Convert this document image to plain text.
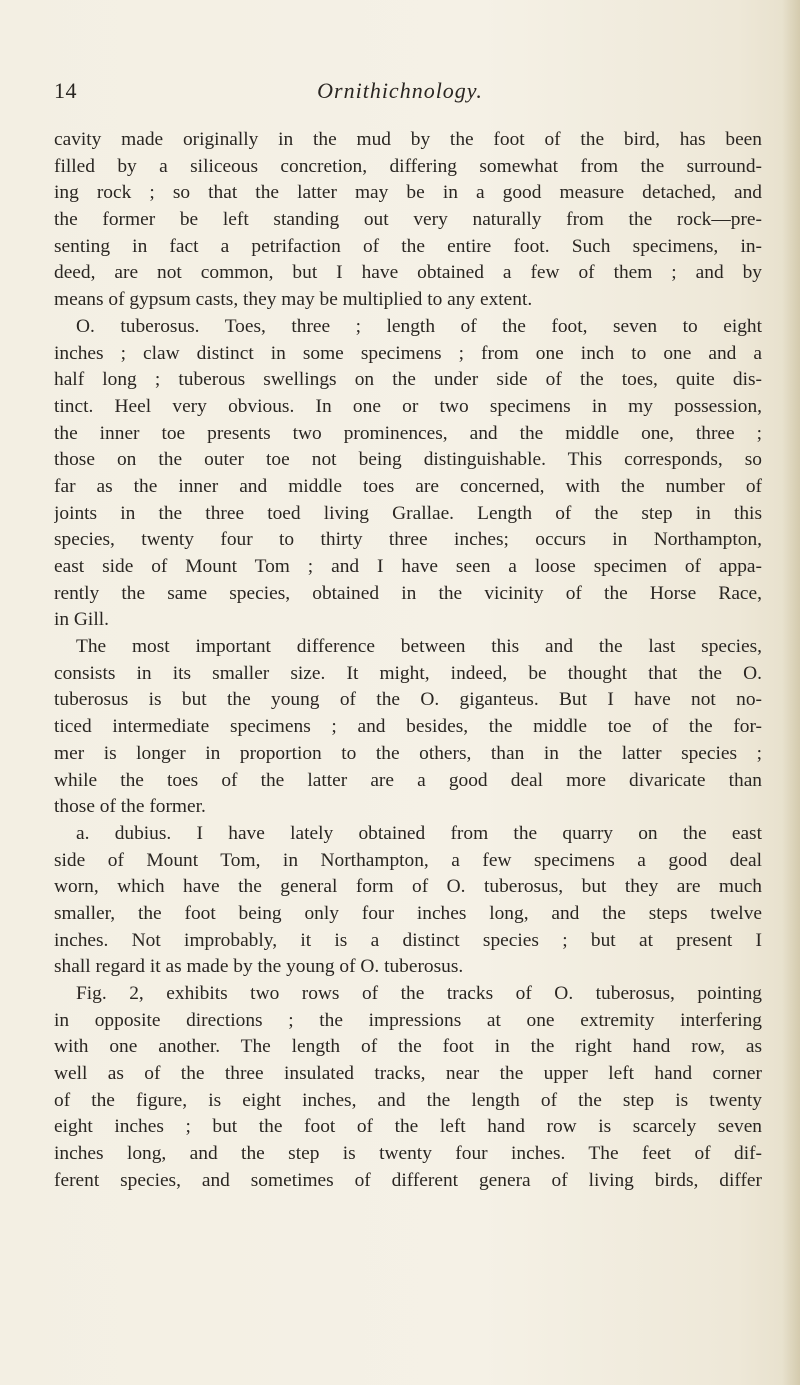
14	Ornithichnology.
cavity made originally in the mud by the foot of the bird, has been
filled by a siliceous concretion, differing somewhat from the surround-
ing rock ; so that the latter may be in a good measure detached, and
the former be left standing out very naturally from the rock—pre-
senting in fact a petrifaction of the entire foot. Such specimens, in-
deed, are not common, but I have obtained a few of them ; and by
means of gypsum casts, they may be multiplied to any extent.
O. tuberosus. Toes, three ; length of the foot, seven to eight
inches ; claw distinct in some specimens ; from one inch to one and a
half long ; tuberous swellings on the under side of the toes, quite dis-
tinct. Heel very obvious. In one or two specimens in my possession,
the inner toe presents two prominences, and the middle one, three ;
those on the outer toe not being distinguishable. This corresponds, so
far as the inner and middle toes are concerned, with the number of
joints in the three toed living Grallae. Length of the step in this
species, twenty four to thirty three inches; occurs in Northampton,
east side of Mount Tom ; and I have seen a loose specimen of appa-
rently the same species, obtained in the vicinity of the Horse Race,
in Gill.
The most important difference between this and the last species,
consists in its smaller size. It might, indeed, be thought that the O.
tuberosus is but the young of the O. giganteus. But I have not no-
ticed intermediate specimens ; and besides, the middle toe of the for-
mer is longer in proportion to the others, than in the latter species ;
while the toes of the latter are a good deal more divaricate than
those of the former.
a. dubius. I have lately obtained from the quarry on the east
side of Mount Tom, in Northampton, a few specimens a good deal
worn, which have the general form of O. tuberosus, but they are much
smaller, the foot being only four inches long, and the steps twelve
inches. Not improbably, it is a distinct species ; but at present I
shall regard it as made by the young of O. tuberosus.
Fig. 2, exhibits two rows of the tracks of O. tuberosus, pointing
in opposite directions ; the impressions at one extremity interfering
with one another. The length of the foot in the right hand row, as
well as of the three insulated tracks, near the upper left hand corner
of the figure, is eight inches, and the length of the step is twenty
eight inches ; but the foot of the left hand row is scarcely seven
inches long, and the step is twenty four inches. The feet of dif-
ferent species, and sometimes of different genera of living birds, differ
